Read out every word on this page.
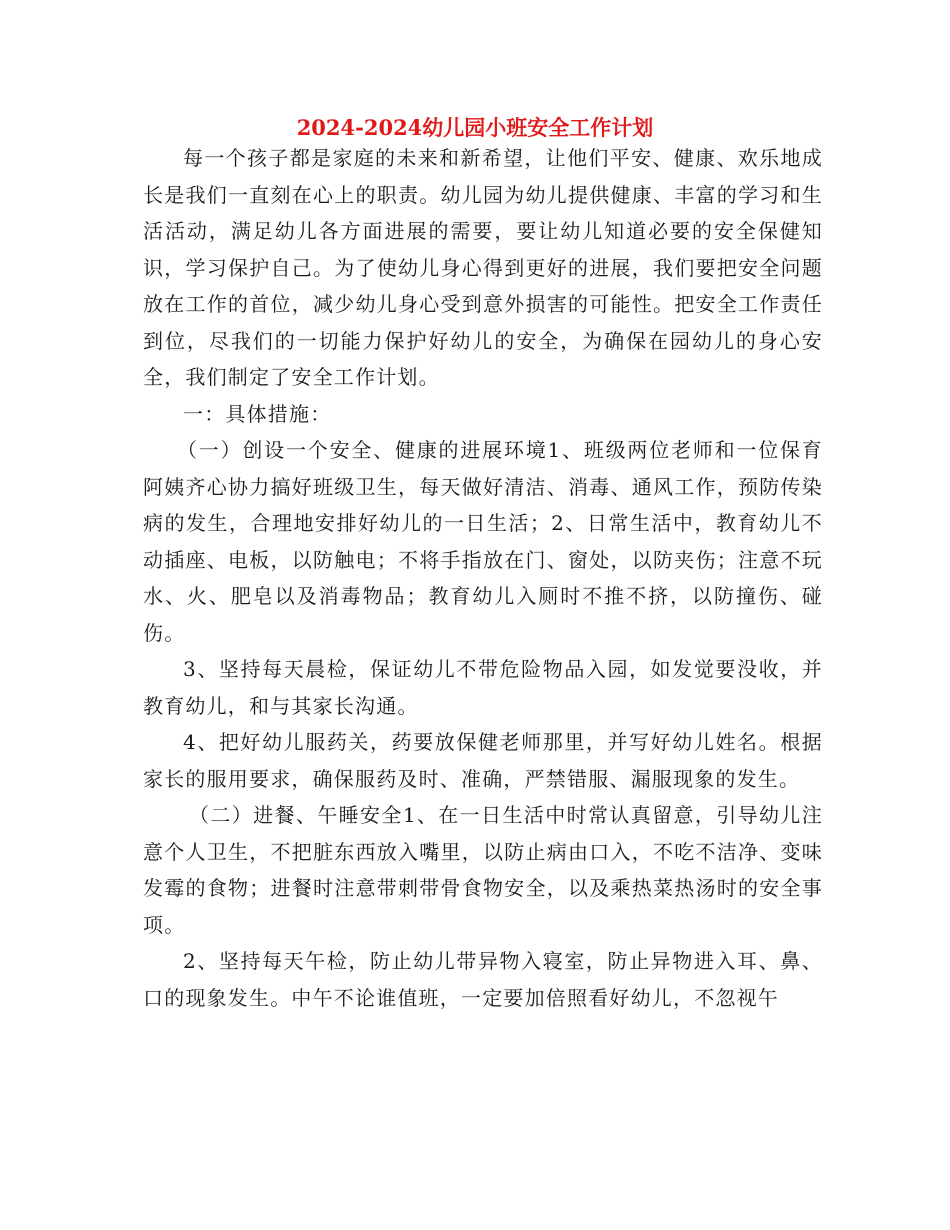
2024-2024幼儿园小班安全工作计划

每一个孩子都是家庭的未来和新希望，让他们平安、健康、欢乐地成长是我们一直刻在心上的职责。幼儿园为幼儿提供健康、丰富的学习和生活活动，满足幼儿各方面进展的需要，要让幼儿知道必要的安全保健知识，学习保护自己。为了使幼儿身心得到更好的进展，我们要把安全问题放在工作的首位，减少幼儿身心受到意外损害的可能性。把安全工作责任到位，尽我们的一切能力保护好幼儿的安全，为确保在园幼儿的身心安全，我们制定了安全工作计划。

一：具体措施：

（一）创设一个安全、健康的进展环境1、班级两位老师和一位保育阿姨齐心协力搞好班级卫生，每天做好清洁、消毒、通风工作，预防传染病的发生，合理地安排好幼儿的一日生活；2、日常生活中，教育幼儿不动插座、电板，以防触电；不将手指放在门、窗处，以防夹伤；注意不玩水、火、肥皂以及消毒物品；教育幼儿入厕时不推不挤，以防撞伤、碰伤。

3、坚持每天晨检，保证幼儿不带危险物品入园，如发觉要没收，并教育幼儿，和与其家长沟通。

4、把好幼儿服药关，药要放保健老师那里，并写好幼儿姓名。根据家长的服用要求，确保服药及时、准确，严禁错服、漏服现象的发生。

（二）进餐、午睡安全1、在一日生活中时常认真留意，引导幼儿注意个人卫生，不把脏东西放入嘴里，以防止病由口入，不吃不洁净、变味发霉的食物；进餐时注意带刺带骨食物安全，以及乘热菜热汤时的安全事项。

2、坚持每天午检，防止幼儿带异物入寝室，防止异物进入耳、鼻、口的现象发生。中午不论谁值班，一定要加倍照看好幼儿，不忽视午
